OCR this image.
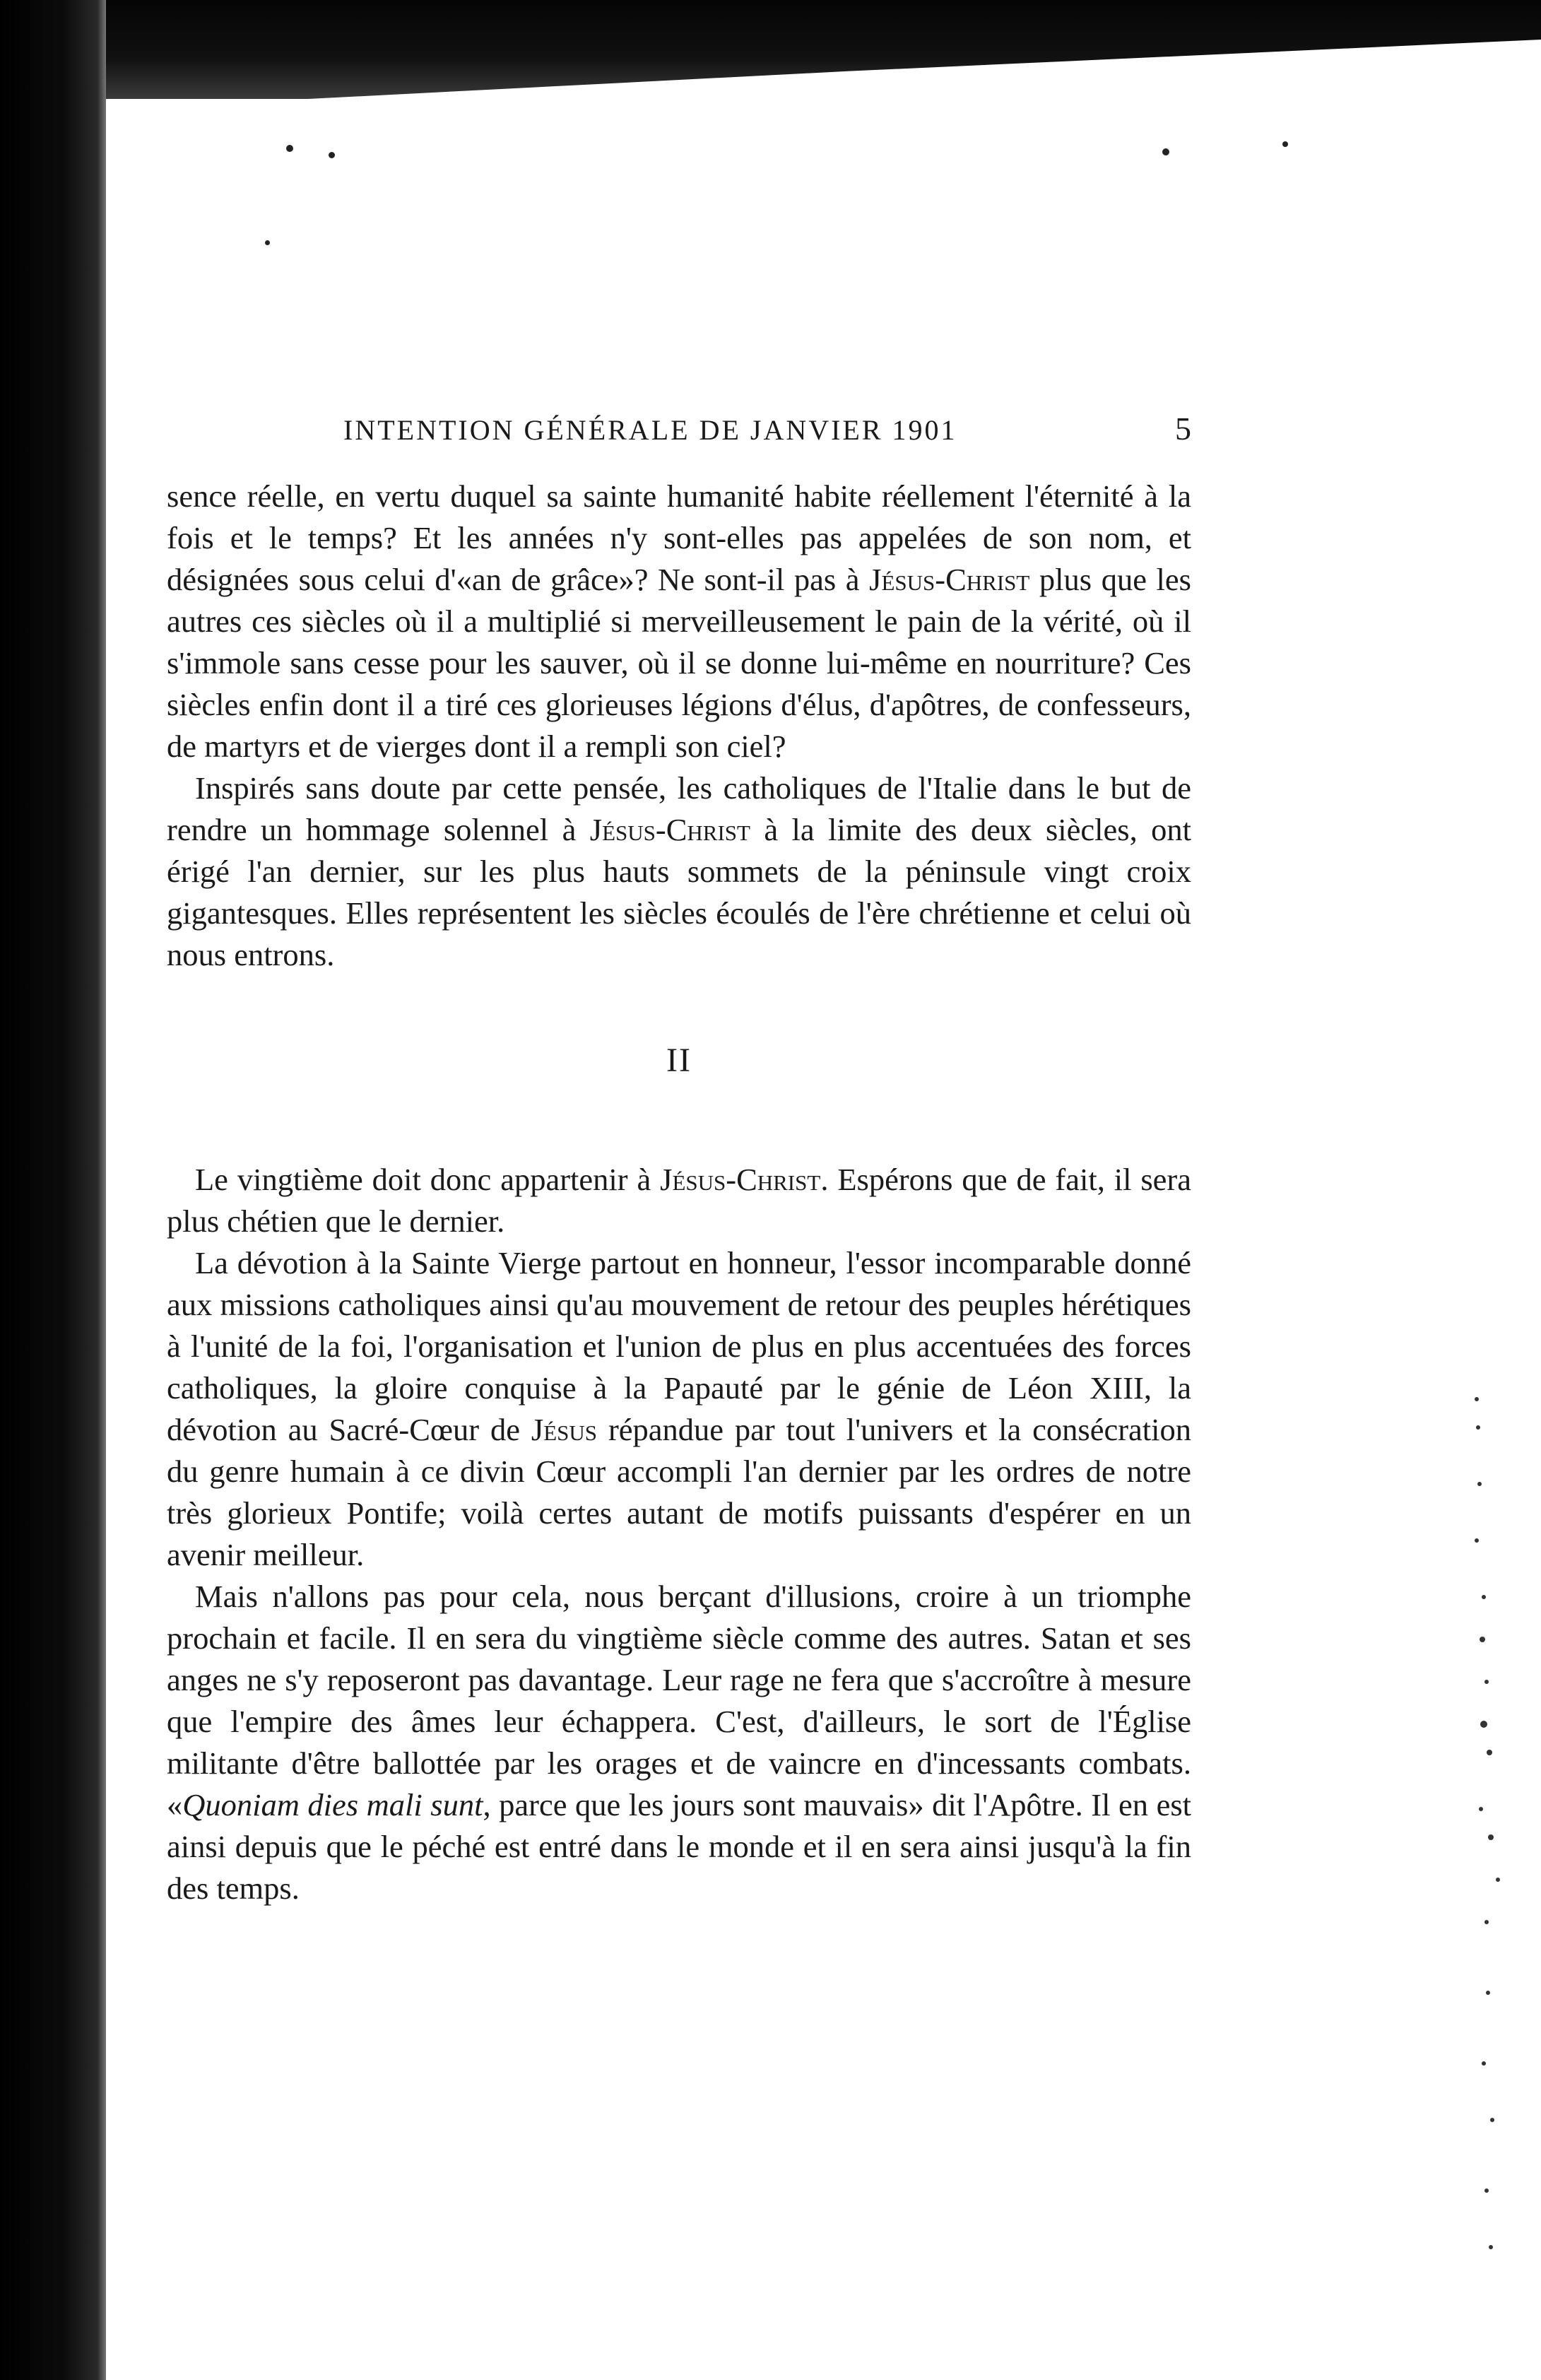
INTENTION GÉNÉRALE DE JANVIER 1901	5

sence réelle, en vertu duquel sa sainte humanité habite réellement l'éternité à la fois et le temps? Et les années n'y sont-elles pas appelées de son nom, et désignées sous celui d'«an de grâce»? Ne sont-il pas à Jésus-Christ plus que les autres ces siècles où il a multiplié si merveilleusement le pain de la vérité, où il s'immole sans cesse pour les sauver, où il se donne lui-même en nourriture? Ces siècles enfin dont il a tiré ces glorieuses légions d'élus, d'apôtres, de confesseurs, de martyrs et de vierges dont il a rempli son ciel?

Inspirés sans doute par cette pensée, les catholiques de l'Italie dans le but de rendre un hommage solennel à Jésus-Christ à la limite des deux siècles, ont érigé l'an dernier, sur les plus hauts sommets de la péninsule vingt croix gigantesques. Elles représentent les siècles écoulés de l'ère chrétienne et celui où nous entrons.

II

Le vingtième doit donc appartenir à Jésus-Christ. Espérons que de fait, il sera plus chétien que le dernier.

La dévotion à la Sainte Vierge partout en honneur, l'essor incomparable donné aux missions catholiques ainsi qu'au mouvement de retour des peuples hérétiques à l'unité de la foi, l'organisation et l'union de plus en plus accentuées des forces catholiques, la gloire conquise à la Papauté par le génie de Léon XIII, la dévotion au Sacré-Cœur de Jésus répandue par tout l'univers et la consécration du genre humain à ce divin Cœur accompli l'an dernier par les ordres de notre très glorieux Pontife; voilà certes autant de motifs puissants d'espérer en un avenir meilleur.

Mais n'allons pas pour cela, nous berçant d'illusions, croire à un triomphe prochain et facile. Il en sera du vingtième siècle comme des autres. Satan et ses anges ne s'y reposeront pas davantage. Leur rage ne fera que s'accroître à mesure que l'empire des âmes leur échappera. C'est, d'ailleurs, le sort de l'Église militante d'être ballottée par les orages et de vaincre en d'incessants combats. «Quoniam dies mali sunt, parce que les jours sont mauvais» dit l'Apôtre. Il en est ainsi depuis que le péché est entré dans le monde et il en sera ainsi jusqu'à la fin des temps.
